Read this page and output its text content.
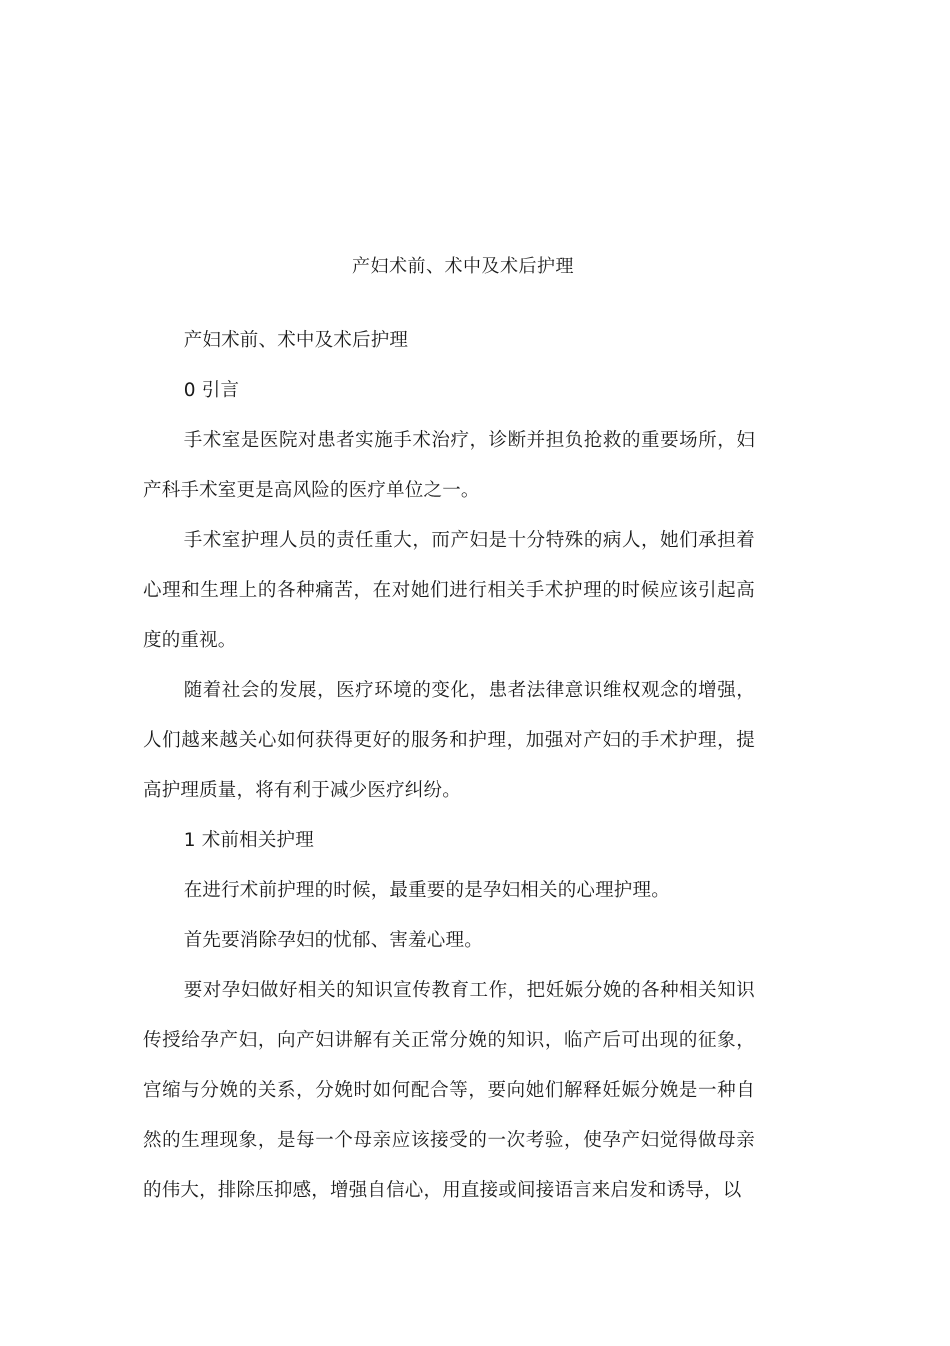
产妇术前、术中及术后护理

产妇术前、术中及术后护理

0 引言

手术室是医院对患者实施手术治疗，诊断并担负抢救的重要场所，妇产科手术室更是高风险的医疗单位之一。

手术室护理人员的责任重大，而产妇是十分特殊的病人，她们承担着心理和生理上的各种痛苦，在对她们进行相关手术护理的时候应该引起高度的重视。

随着社会的发展，医疗环境的变化，患者法律意识维权观念的增强，人们越来越关心如何获得更好的服务和护理，加强对产妇的手术护理，提高护理质量，将有利于减少医疗纠纷。

1 术前相关护理

在进行术前护理的时候，最重要的是孕妇相关的心理护理。

首先要消除孕妇的忧郁、害羞心理。

要对孕妇做好相关的知识宣传教育工作，把妊娠分娩的各种相关知识传授给孕产妇，向产妇讲解有关正常分娩的知识，临产后可出现的征象，宫缩与分娩的关系，分娩时如何配合等，要向她们解释妊娠分娩是一种自然的生理现象，是每一个母亲应该接受的一次考验，使孕产妇觉得做母亲的伟大，排除压抑感，增强自信心，用直接或间接语言来启发和诱导，以
